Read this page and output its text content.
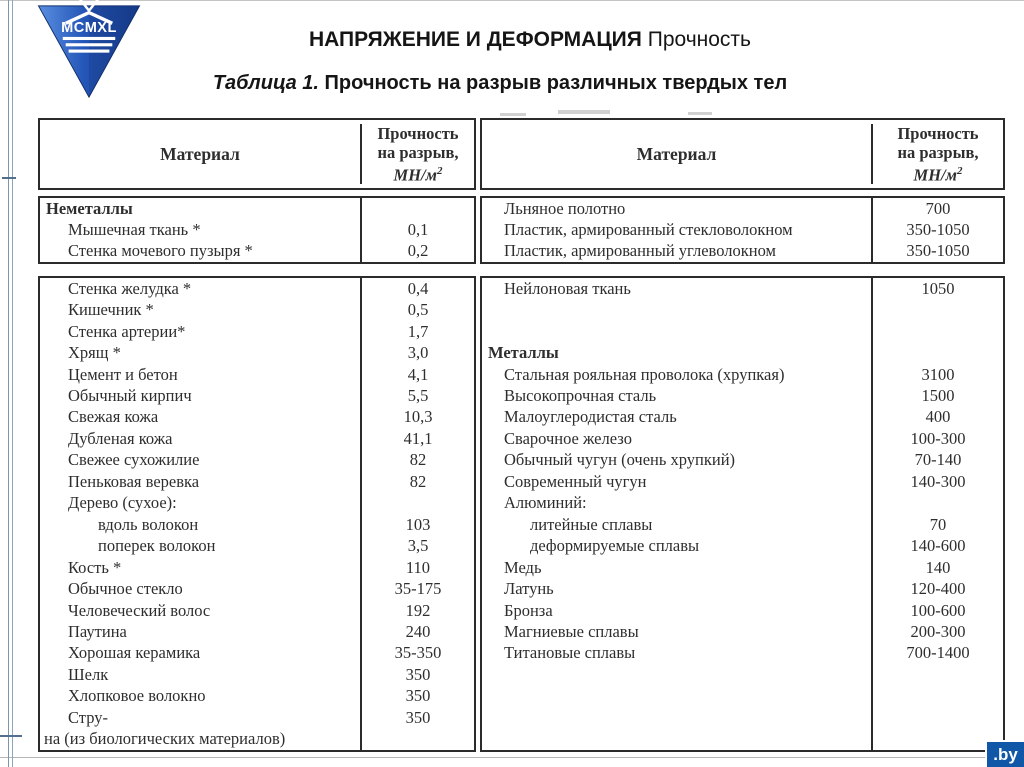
MCMXL	НАПРЯЖЕНИЕ И ДЕФОРМАЦИЯ Прочность
Таблица 1. Прочность на разрыв различных твердых тел
Материал
Прочность
на разрыв,
$МН/м^2$
Неметаллы
Мышечная ткань *	0,1
Стенка мочевого пузыря *	0,2
Стенка желудка *	0,4
Кишечник *	0,5
Стенка артерии*	1,7
Хрящ *	3,0
Цемент и бетон	4,1
Обычный кирпич	5,5
Свежая кожа	10,3
Дубленая кожа	41,1
Свежее сухожилие	82
Пеньковая веревка	82
Дерево (сухое):
вдоль волокон	103
поперек волокон	3,5
Кость *	110
Обычное стекло	35-175
Человеческий волос	192
Паутина	240
Хорошая керамика	35-350
Шелк	350
Хлопковое волокно	350
Стру-	350
на (из биологических материалов)
Материал
Прочность
на разрыв,
$МН/м^2$
Льняное полотно	700
Пластик, армированный стекловолокном	350-1050
Пластик, армированный углеволокном	350-1050
Нейлоновая ткань	1050
Металлы
Стальная рояльная проволока (хрупкая)	3100
Высокопрочная сталь	1500
Малоуглеродистая сталь	400
Сварочное железо	100-300
Обычный чугун (очень хрупкий)	70-140
Современный чугун	140-300
Алюминий:
литейные сплавы	70
деформируемые сплавы	140-600
Медь	140
Латунь	120-400
Бронза	100-600
Магниевые сплавы	200-300
Титановые сплавы	700-1400
.by
